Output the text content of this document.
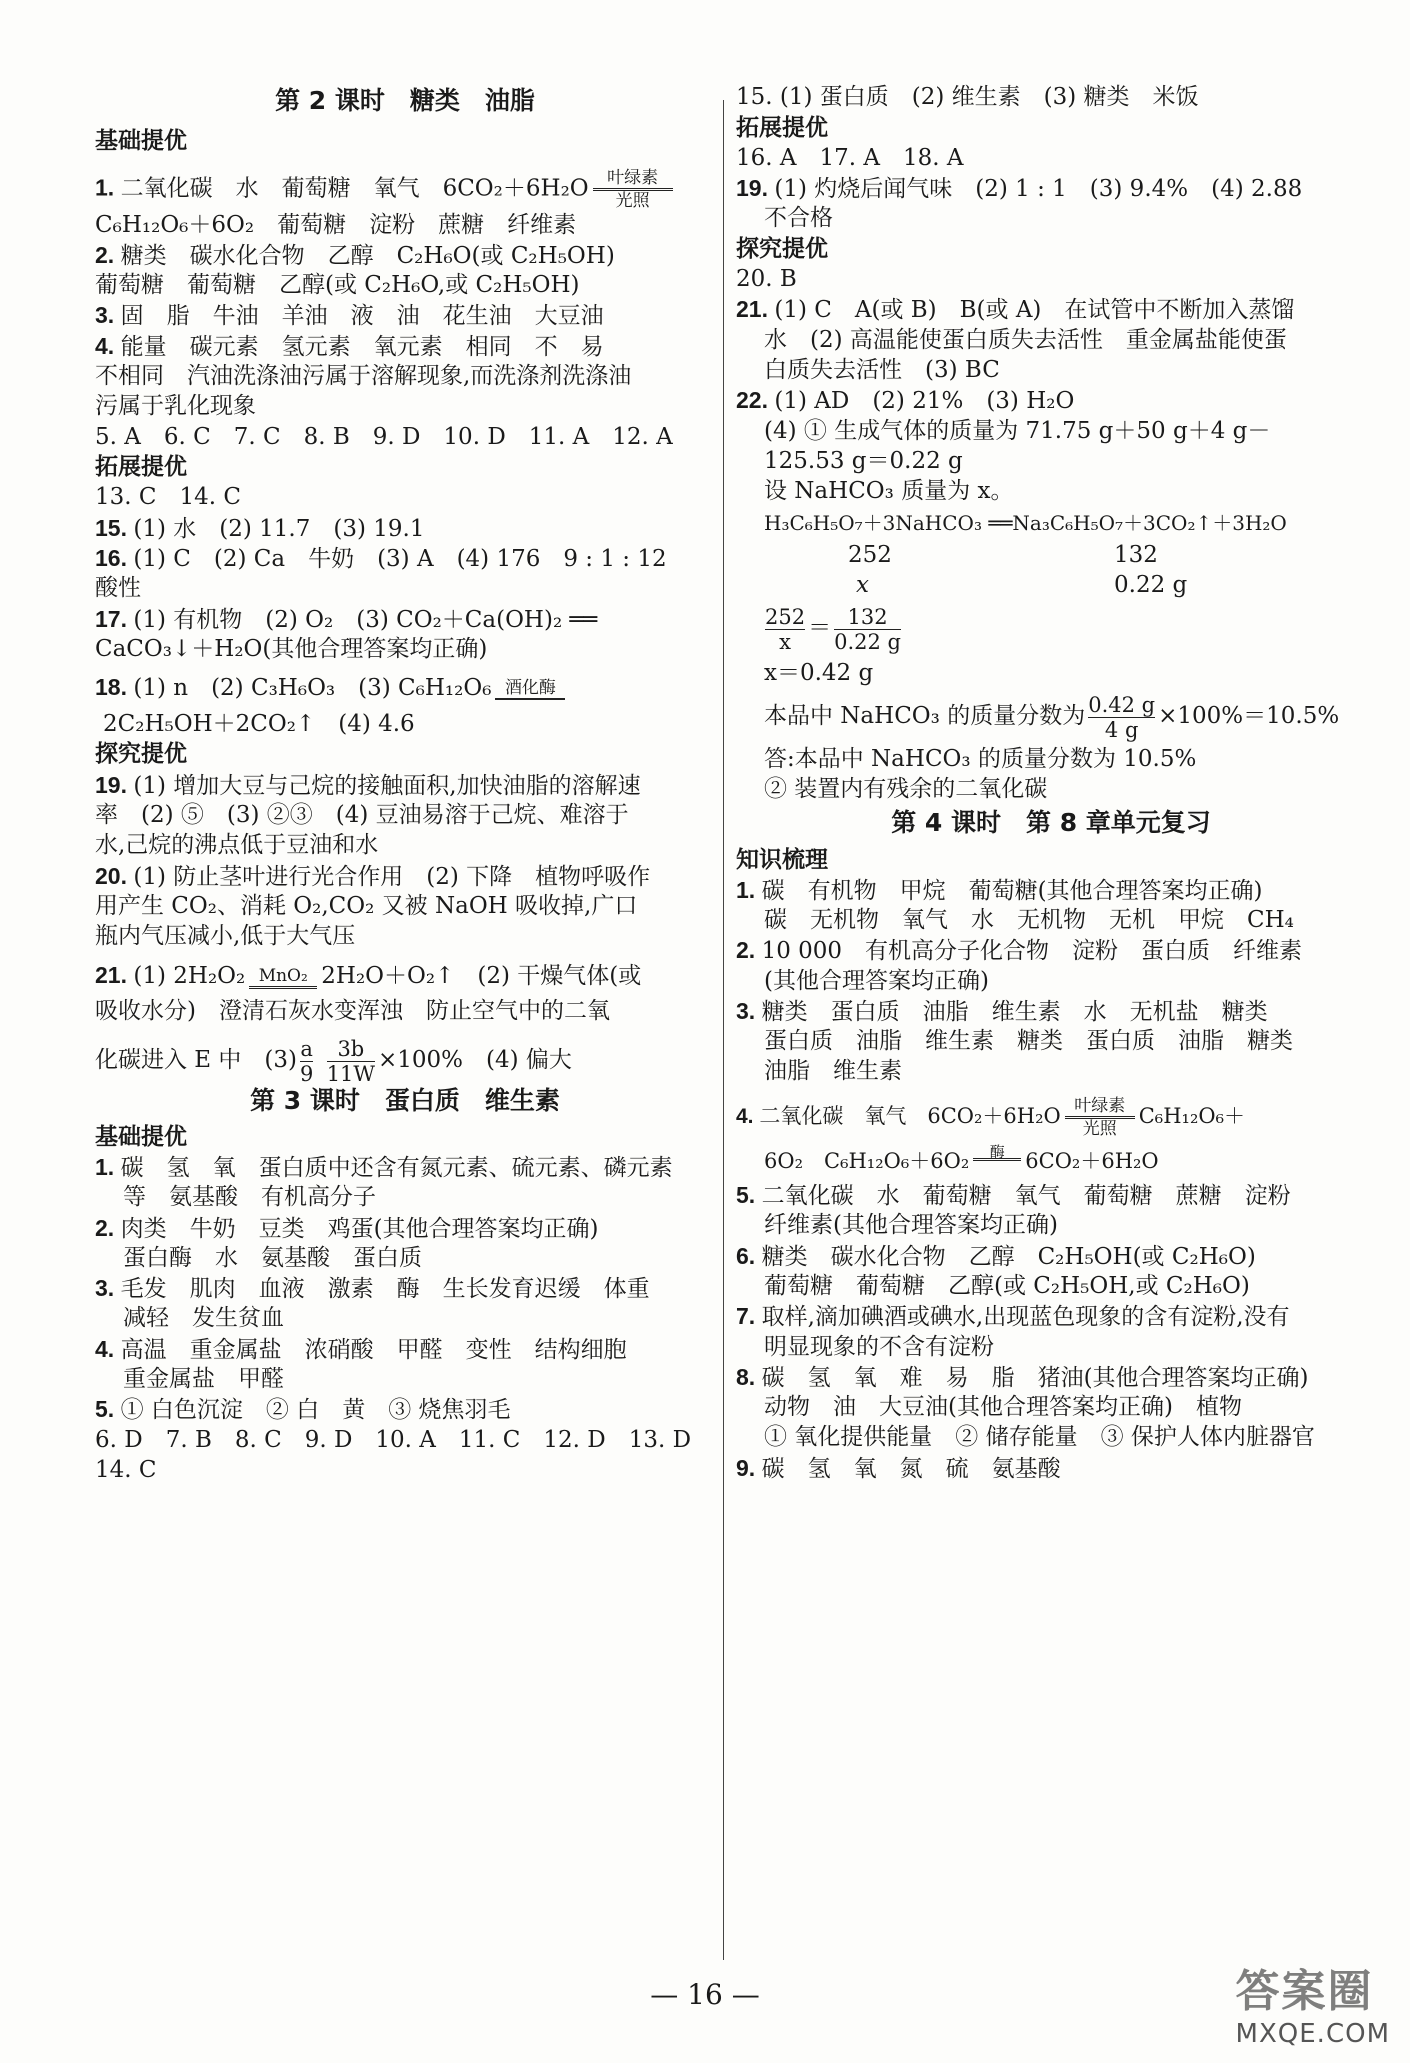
第 2 课时　糖类　油脂
基础提优
1. 二氧化碳　水　葡萄糖　氧气　6CO₂＋6H₂O	叶绿素
光照
C₆H₁₂O₆＋6O₂　葡萄糖　淀粉　蔗糖　纤维素
2. 糖类　碳水化合物　乙醇　C₂H₆O(或 C₂H₅OH)
葡萄糖　葡萄糖　乙醇(或 C₂H₆O,或 C₂H₅OH)
3. 固　脂　牛油　羊油　液　油　花生油　大豆油
4. 能量　碳元素　氢元素　氧元素　相同　不　易
不相同　汽油洗涤油污属于溶解现象,而洗涤剂洗涤油
污属于乳化现象
5. A　6. C　7. C　8. B　9. D　10. D　11. A　12. A
拓展提优
13. C　14. C
15. (1) 水　(2) 11.7　(3) 19.1
16. (1) C　(2) Ca　牛奶　(3) A　(4) 176　9 : 1 : 12
酸性
17. (1) 有机物　(2) O₂　(3) CO₂＋Ca(OH)₂ ══
CaCO₃↓＋H₂O(其他合理答案均正确)
18. (1) n　(2) C₃H₆O₃　(3) C₆H₁₂O₆ 酒化酶
2C₂H₅OH＋2CO₂↑　(4) 4.6
探究提优
19. (1) 增加大豆与己烷的接触面积,加快油脂的溶解速
率　(2) ⑤　(3) ②③　(4) 豆油易溶于己烷、难溶于
水,己烷的沸点低于豆油和水
20. (1) 防止茎叶进行光合作用　(2) 下降　植物呼吸作
用产生 CO₂、消耗 O₂,CO₂ 又被 NaOH 吸收掉,广口
瓶内气压减小,低于大气压
21. (1) 2H₂O₂ MnO₂ 2H₂O＋O₂↑　(2) 干燥气体(或
吸收水分)　澄清石灰水变浑浊　防止空气中的二氧
化碳进入 E 中　$(3) \frac{a}{9}$
$\frac{3b}{11W} \times 100\%$　(4) 偏大
第 3 课时　蛋白质　维生素
基础提优
1. 碳　氢　氧　蛋白质中还含有氮元素、硫元素、磷元素
等　氨基酸　有机高分子
2. 肉类　牛奶　豆类　鸡蛋(其他合理答案均正确)
蛋白酶　水　氨基酸　蛋白质
3. 毛发　肌肉　血液　激素　酶　生长发育迟缓　体重
减轻　发生贫血
4. 高温　重金属盐　浓硝酸　甲醛　变性　结构细胞
重金属盐　甲醛
5. ① 白色沉淀　② 白　黄　③ 烧焦羽毛
6. D　7. B　8. C　9. D　10. A　11. C　12. D　13. D
14. C
15. (1) 蛋白质　(2) 维生素　(3) 糖类　米饭
拓展提优
16. A　17. A　18. A
19. (1) 灼烧后闻气味　(2) 1 : 1　(3) 9.4%　(4) 2.88
不合格
探究提优
20. B
21. (1) C　A(或 B)　B(或 A)　在试管中不断加入蒸馏
水　(2) 高温能使蛋白质失去活性　重金属盐能使蛋
白质失去活性　(3) BC
22. (1) AD　(2) 21%　(3) H₂O
(4) ① 生成气体的质量为 71.75 g＋50 g＋4 g－
125.53 g＝0.22 g
设 NaHCO₃ 质量为 x。
H₃C₆H₅O₇＋3NaHCO₃ ══Na₃C₆H₅O₇＋3CO₂↑＋3H₂O
252	132
x	0.22 g
$\frac{252}{x} = \frac{132}{0.22 g}$
x＝0.42 g
本品中 NaHCO₃ 的质量分数为 $\frac{0.42 g}{4 g} \times 100\%=10.5\%$
答:本品中 NaHCO₃ 的质量分数为 10.5%
② 装置内有残余的二氧化碳
第 4 课时　第 8 章单元复习
知识梳理
1. 碳　有机物　甲烷　葡萄糖(其他合理答案均正确)
碳　无机物　氧气　水　无机物　无机　甲烷　CH₄
2. 10 000　有机高分子化合物　淀粉　蛋白质　纤维素
(其他合理答案均正确)
3. 糖类　蛋白质　油脂　维生素　水　无机盐　糖类
蛋白质　油脂　维生素　糖类　蛋白质　油脂　糖类
油脂　维生素
4. 二氧化碳　氧气　6CO₂＋6H₂O 叶绿素
光照
C₆H₁₂O₆＋
6O₂　C₆H₁₂O₆＋6O₂	酶 6CO₂＋6H₂O
5. 二氧化碳　水　葡萄糖　氧气　葡萄糖　蔗糖　淀粉
纤维素(其他合理答案均正确)
6. 糖类　碳水化合物　乙醇　C₂H₅OH(或 C₂H₆O)
葡萄糖　葡萄糖　乙醇(或 C₂H₅OH,或 C₂H₆O)
7. 取样,滴加碘酒或碘水,出现蓝色现象的含有淀粉,没有
明显现象的不含有淀粉
8. 碳　氢　氧　难　易　脂　猪油(其他合理答案均正确)
动物　油　大豆油(其他合理答案均正确)　植物
① 氧化提供能量　② 储存能量　③ 保护人体内脏器官
9. 碳　氢　氧　氮　硫　氨基酸
— 16 —	答案圈
MXQE.COM
